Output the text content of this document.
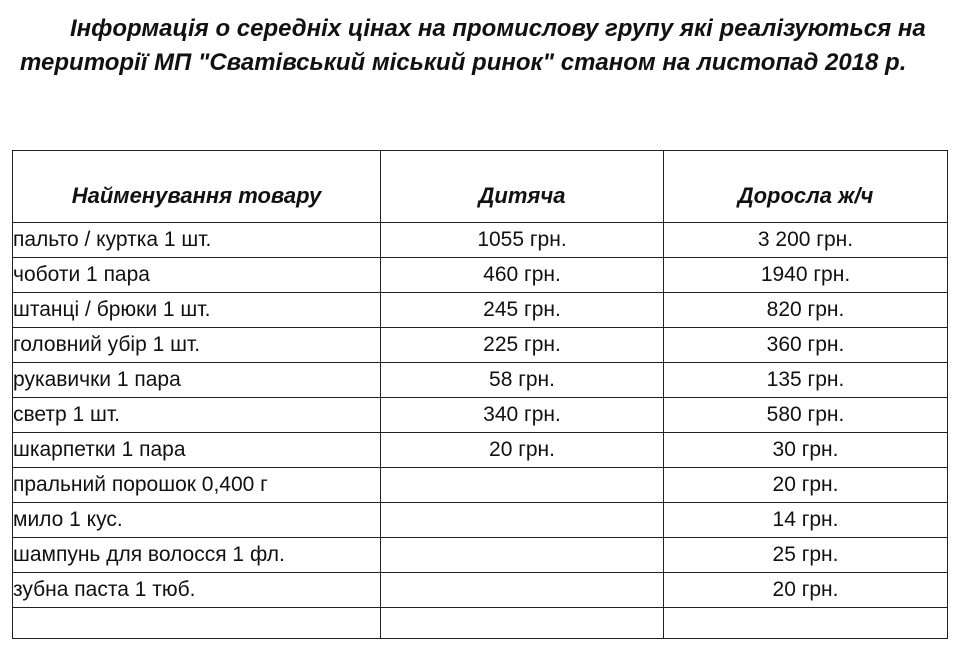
Інформація о середніх цінах на промислову групу які реалізуються на
території МП "Сватівський міський ринок" станом на листопад 2018 р.
Найменування товару	Дитяча	Доросла ж/ч
пальто / куртка 1 шт.	1055 грн.	3 200 грн.
чоботи 1 пара	460 грн.	1940 грн.
штанці / брюки 1 шт.	245 грн.	820 грн.
головний убір 1 шт.	225 грн.	360 грн.
рукавички 1 пара	58 грн.	135 грн.
светр 1 шт.	340 грн.	580 грн.
шкарпетки 1 пара	20 грн.	30 грн.
пральний порошок 0,400 г		20 грн.
мило 1 кус.		14 грн.
шампунь для волосся 1 фл.		25 грн.
зубна паста 1 тюб.		20 грн.
